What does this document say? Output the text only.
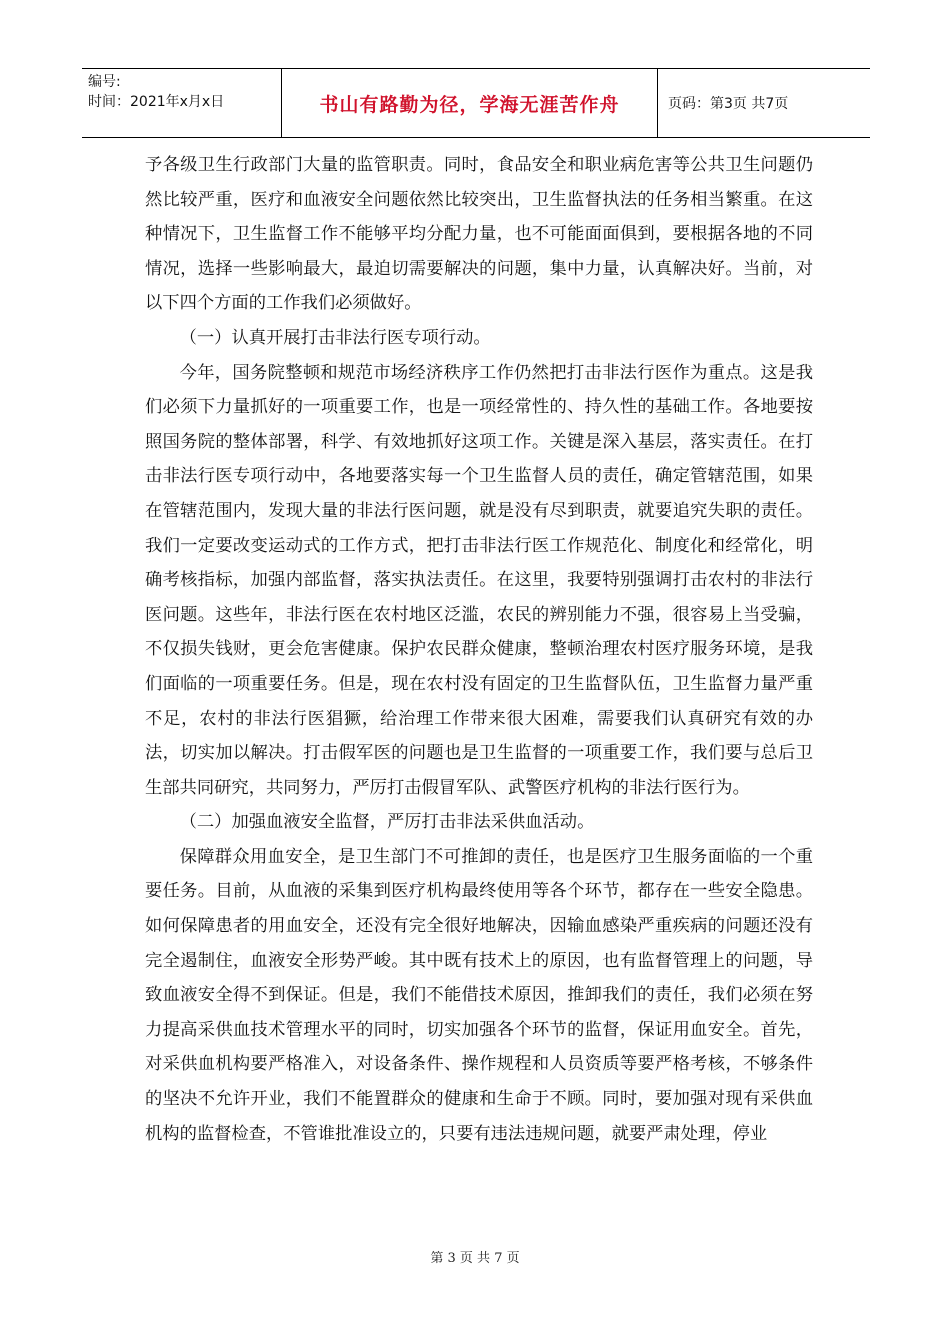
编号:
时间：2021年x月x日	书山有路勤为径，学海无涯苦作舟	页码：第3页 共7页

予各级卫生行政部门大量的监管职责。同时，食品安全和职业病危害等公共卫生问题仍然比较严重，医疗和血液安全问题依然比较突出，卫生监督执法的任务相当繁重。在这种情况下，卫生监督工作不能够平均分配力量，也不可能面面俱到，要根据各地的不同情况，选择一些影响最大，最迫切需要解决的问题，集中力量，认真解决好。当前，对以下四个方面的工作我们必须做好。

（一）认真开展打击非法行医专项行动。

今年，国务院整顿和规范市场经济秩序工作仍然把打击非法行医作为重点。这是我们必须下力量抓好的一项重要工作，也是一项经常性的、持久性的基础工作。各地要按照国务院的整体部署，科学、有效地抓好这项工作。关键是深入基层，落实责任。在打击非法行医专项行动中，各地要落实每一个卫生监督人员的责任，确定管辖范围，如果在管辖范围内，发现大量的非法行医问题，就是没有尽到职责，就要追究失职的责任。我们一定要改变运动式的工作方式，把打击非法行医工作规范化、制度化和经常化，明确考核指标，加强内部监督，落实执法责任。在这里，我要特别强调打击农村的非法行医问题。这些年，非法行医在农村地区泛滥，农民的辨别能力不强，很容易上当受骗，不仅损失钱财，更会危害健康。保护农民群众健康，整顿治理农村医疗服务环境，是我们面临的一项重要任务。但是，现在农村没有固定的卫生监督队伍，卫生监督力量严重不足，农村的非法行医猖獗，给治理工作带来很大困难，需要我们认真研究有效的办法，切实加以解决。打击假军医的问题也是卫生监督的一项重要工作，我们要与总后卫生部共同研究，共同努力，严厉打击假冒军队、武警医疗机构的非法行医行为。

（二）加强血液安全监督，严厉打击非法采供血活动。

保障群众用血安全，是卫生部门不可推卸的责任，也是医疗卫生服务面临的一个重要任务。目前，从血液的采集到医疗机构最终使用等各个环节，都存在一些安全隐患。如何保障患者的用血安全，还没有完全很好地解决，因输血感染严重疾病的问题还没有完全遏制住，血液安全形势严峻。其中既有技术上的原因，也有监督管理上的问题，导致血液安全得不到保证。但是，我们不能借技术原因，推卸我们的责任，我们必须在努力提高采供血技术管理水平的同时，切实加强各个环节的监督，保证用血安全。首先，对采供血机构要严格准入，对设备条件、操作规程和人员资质等要严格考核，不够条件的坚决不允许开业，我们不能置群众的健康和生命于不顾。同时，要加强对现有采供血机构的监督检查，不管谁批准设立的，只要有违法违规问题，就要严肃处理，停业

第 3 页 共 7 页
